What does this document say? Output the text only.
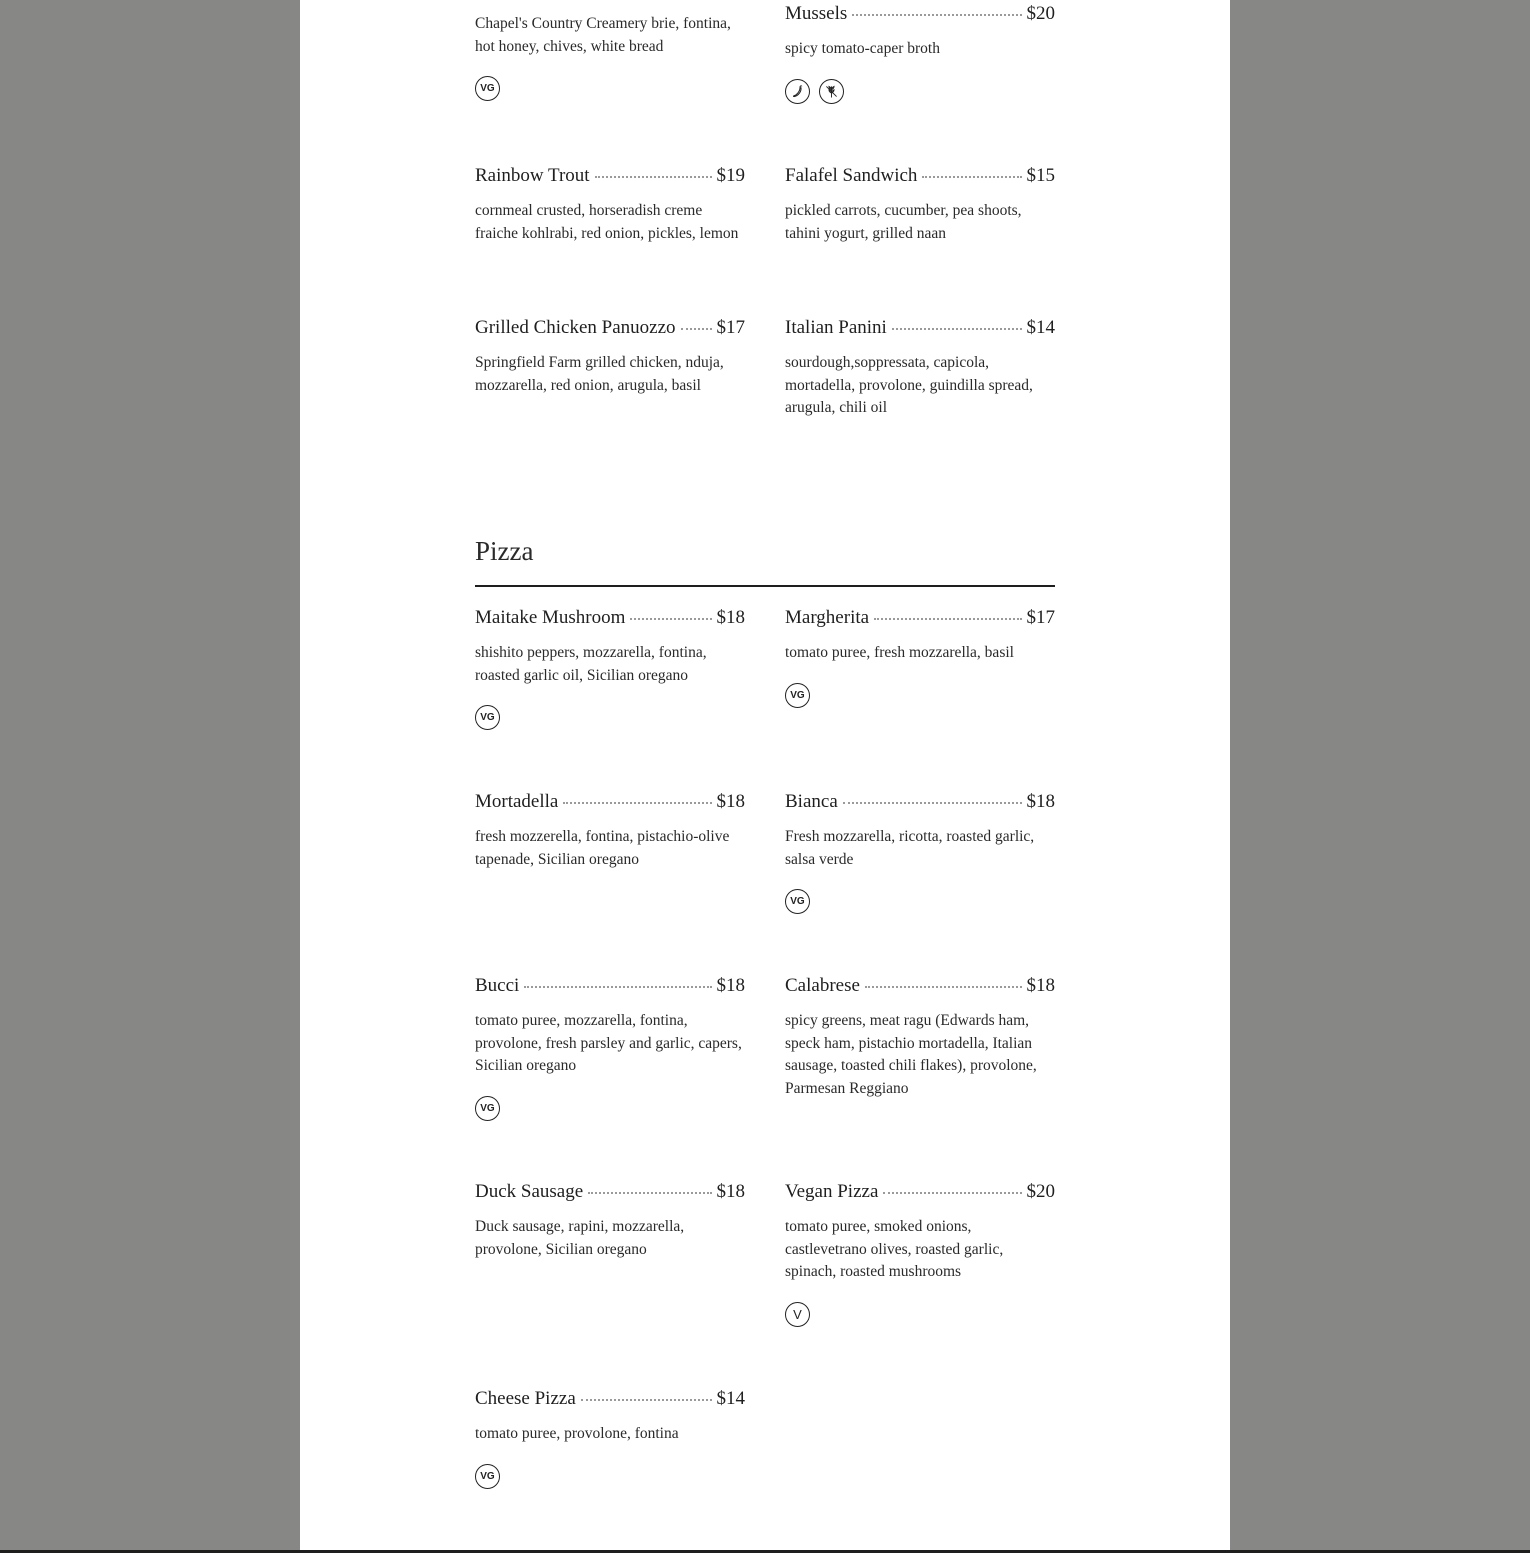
Chapel's Country Creamery brie, fontina, hot honey, chives, white bread
VG
Mussels	$20
spicy tomato-caper broth
Rainbow Trout	$19
cornmeal crusted, horseradish creme fraiche kohlrabi, red onion, pickles, lemon
Falafel Sandwich	$15
pickled carrots, cucumber, pea shoots, tahini yogurt, grilled naan
Grilled Chicken Panuozzo $17
Springfield Farm grilled chicken, nduja, mozzarella, red onion, arugula, basil
Italian Panini	$14
sourdough,soppressata, capicola, mortadella, provolone, guindilla spread, arugula, chili oil
Pizza
Maitake Mushroom	$18
shishito peppers, mozzarella, fontina, roasted garlic oil, Sicilian oregano
VG
Margherita	$17
tomato puree, fresh mozzarella, basil
VG
Mortadella	$18
fresh mozzerella, fontina, pistachio-olive tapenade, Sicilian oregano
Bianca	$18
Fresh mozzarella, ricotta, roasted garlic, salsa verde
VG
Bucci	$18
tomato puree, mozzarella, fontina, provolone, fresh parsley and garlic, capers, Sicilian oregano
VG
Calabrese	$18
spicy greens, meat ragu (Edwards ham, speck ham, pistachio mortadella, Italian sausage, toasted chili flakes), provolone, Parmesan Reggiano
Duck Sausage	$18
Duck sausage, rapini, mozzarella, provolone, Sicilian oregano
Vegan Pizza	$20
tomato puree, smoked onions, castlevetrano olives, roasted garlic, spinach, roasted mushrooms
V
Cheese Pizza	$14
tomato puree, provolone, fontina
VG
